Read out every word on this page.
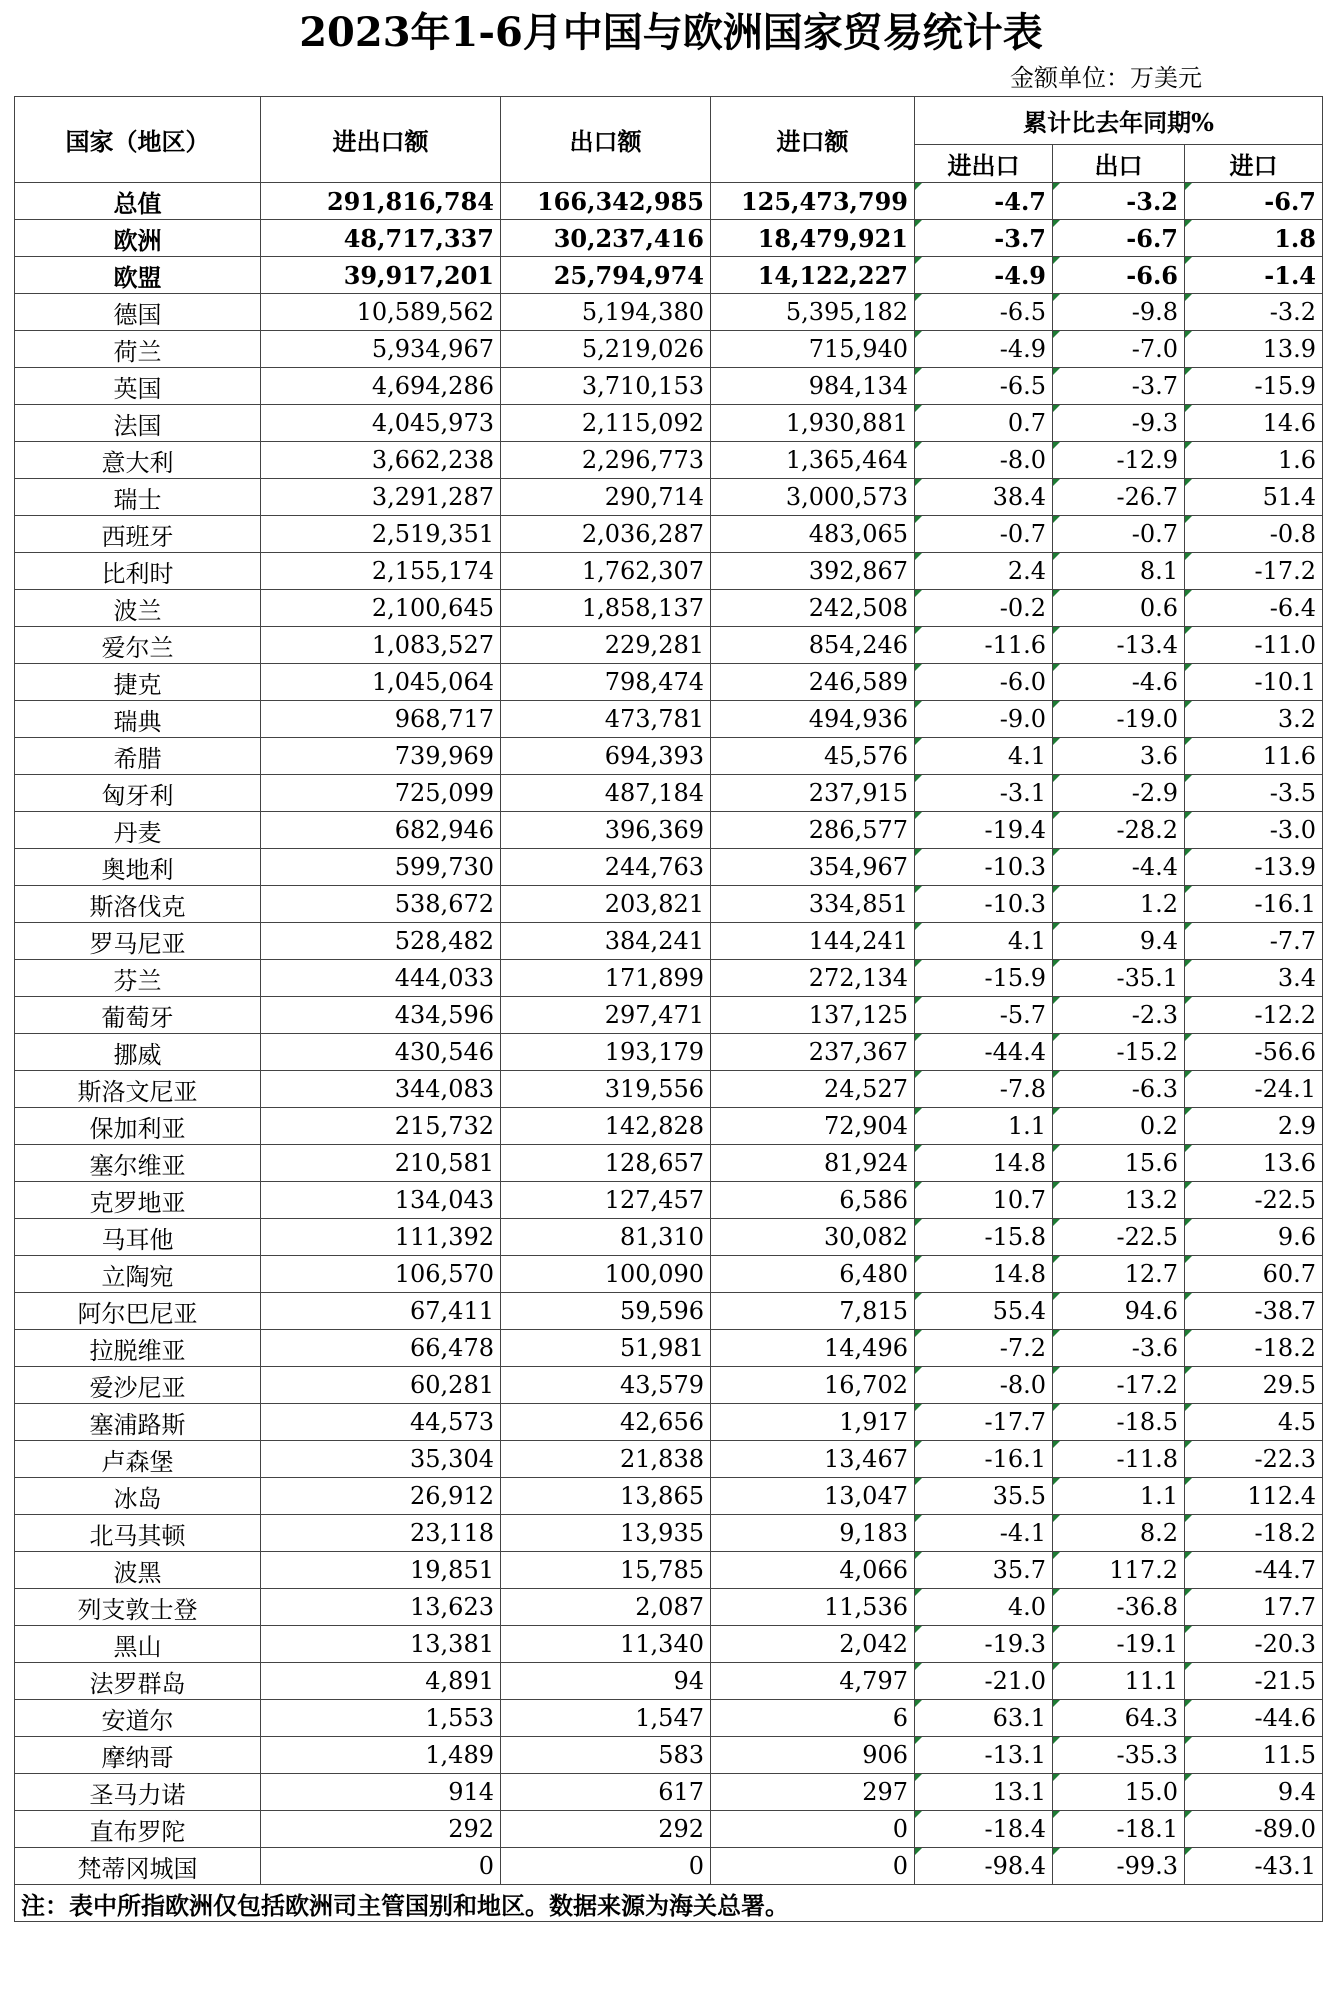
2023年1-6月中国与欧洲国家贸易统计表
金额单位：万美元
国家（地区）	进出口额	出口额	进口额	累计比去年同期%		
				进出口	出口	进口
总值	291,816,784	166,342,985	125,473,799	-4.7	-3.2	-6.7
欧洲	48,717,337	30,237,416	18,479,921	-3.7	-6.7	1.8
欧盟	39,917,201	25,794,974	14,122,227	-4.9	-6.6	-1.4
德国	10,589,562	5,194,380	5,395,182	-6.5	-9.8	-3.2
荷兰	5,934,967	5,219,026	715,940	-4.9	-7.0	13.9
英国	4,694,286	3,710,153	984,134	-6.5	-3.7	-15.9
法国	4,045,973	2,115,092	1,930,881	0.7	-9.3	14.6
意大利	3,662,238	2,296,773	1,365,464	-8.0	-12.9	1.6
瑞士	3,291,287	290,714	3,000,573	38.4	-26.7	51.4
西班牙	2,519,351	2,036,287	483,065	-0.7	-0.7	-0.8
比利时	2,155,174	1,762,307	392,867	2.4	8.1	-17.2
波兰	2,100,645	1,858,137	242,508	-0.2	0.6	-6.4
爱尔兰	1,083,527	229,281	854,246	-11.6	-13.4	-11.0
捷克	1,045,064	798,474	246,589	-6.0	-4.6	-10.1
瑞典	968,717	473,781	494,936	-9.0	-19.0	3.2
希腊	739,969	694,393	45,576	4.1	3.6	11.6
匈牙利	725,099	487,184	237,915	-3.1	-2.9	-3.5
丹麦	682,946	396,369	286,577	-19.4	-28.2	-3.0
奥地利	599,730	244,763	354,967	-10.3	-4.4	-13.9
斯洛伐克	538,672	203,821	334,851	-10.3	1.2	-16.1
罗马尼亚	528,482	384,241	144,241	4.1	9.4	-7.7
芬兰	444,033	171,899	272,134	-15.9	-35.1	3.4
葡萄牙	434,596	297,471	137,125	-5.7	-2.3	-12.2
挪威	430,546	193,179	237,367	-44.4	-15.2	-56.6
斯洛文尼亚	344,083	319,556	24,527	-7.8	-6.3	-24.1
保加利亚	215,732	142,828	72,904	1.1	0.2	2.9
塞尔维亚	210,581	128,657	81,924	14.8	15.6	13.6
克罗地亚	134,043	127,457	6,586	10.7	13.2	-22.5
马耳他	111,392	81,310	30,082	-15.8	-22.5	9.6
立陶宛	106,570	100,090	6,480	14.8	12.7	60.7
阿尔巴尼亚	67,411	59,596	7,815	55.4	94.6	-38.7
拉脱维亚	66,478	51,981	14,496	-7.2	-3.6	-18.2
爱沙尼亚	60,281	43,579	16,702	-8.0	-17.2	29.5
塞浦路斯	44,573	42,656	1,917	-17.7	-18.5	4.5
卢森堡	35,304	21,838	13,467	-16.1	-11.8	-22.3
冰岛	26,912	13,865	13,047	35.5	1.1	112.4
北马其顿	23,118	13,935	9,183	-4.1	8.2	-18.2
波黑	19,851	15,785	4,066	35.7	117.2	-44.7
列支敦士登	13,623	2,087	11,536	4.0	-36.8	17.7
黑山	13,381	11,340	2,042	-19.3	-19.1	-20.3
法罗群岛	4,891	94	4,797	-21.0	11.1	-21.5
安道尔	1,553	1,547	6	63.1	64.3	-44.6
摩纳哥	1,489	583	906	-13.1	-35.3	11.5
圣马力诺	914	617	297	13.1	15.0	9.4
直布罗陀	292	292	0	-18.4	-18.1	-89.0
梵蒂冈城国	0	0	0	-98.4	-99.3	-43.1
注：表中所指欧洲仅包括欧洲司主管国别和地区。数据来源为海关总署。						
